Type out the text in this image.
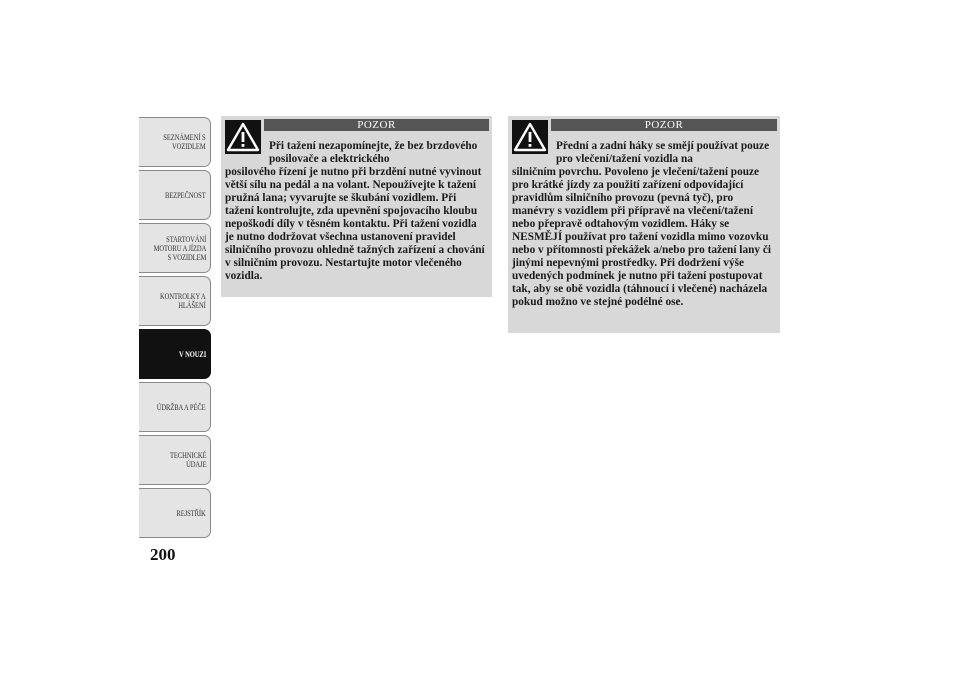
SEZNÁMENÍ S
VOZIDLEM
BEZPEČNOST
STARTOVÁNÍ
MOTORU A JÍZDA
S VOZIDLEM
KONTROLKY A
HLÁŠENÍ
V NOUZI
ÚDRŽBA A PÉČE
TECHNICKÉ
ÚDAJE
REJSTŘÍK
200
POZOR
Při tažení nezapomínejte, že bez brzdového posilovače a elektrického
posilového řízení je nutno při brzdění nutné vyvinout větší sílu na pedál a na volant. Nepoužívejte k tažení pružná lana; vyvarujte se škubání vozidlem. Při tažení kontrolujte, zda upevnění spojovacího kloubu nepoškodí díly v těsném kontaktu. Při tažení vozidla je nutno dodržovat všechna ustanovení pravidel silničního provozu ohledně tažných zařízení a chování v silničním provozu. Nestartujte motor vlečeného vozidla.
POZOR
Přední a zadní háky se smějí používat pouze pro vlečení/tažení vozidla na
silničním povrchu. Povoleno je vlečení/tažení pouze pro krátké jízdy za použití zařízení odpovídající pravidlům silničního provozu (pevná tyč), pro manévry s vozidlem při přípravě na vlečení/tažení nebo přepravě odtahovým vozidlem. Háky se NESMĚJÍ používat pro tažení vozidla mimo vozovku nebo v přítomnosti překážek a/nebo pro tažení lany či jinými nepevnými prostředky. Při dodržení výše uvedených podmínek je nutno při tažení postupovat tak, aby se obě vozidla (táhnoucí i vlečené) nacházela pokud možno ve stejné podélné ose.
